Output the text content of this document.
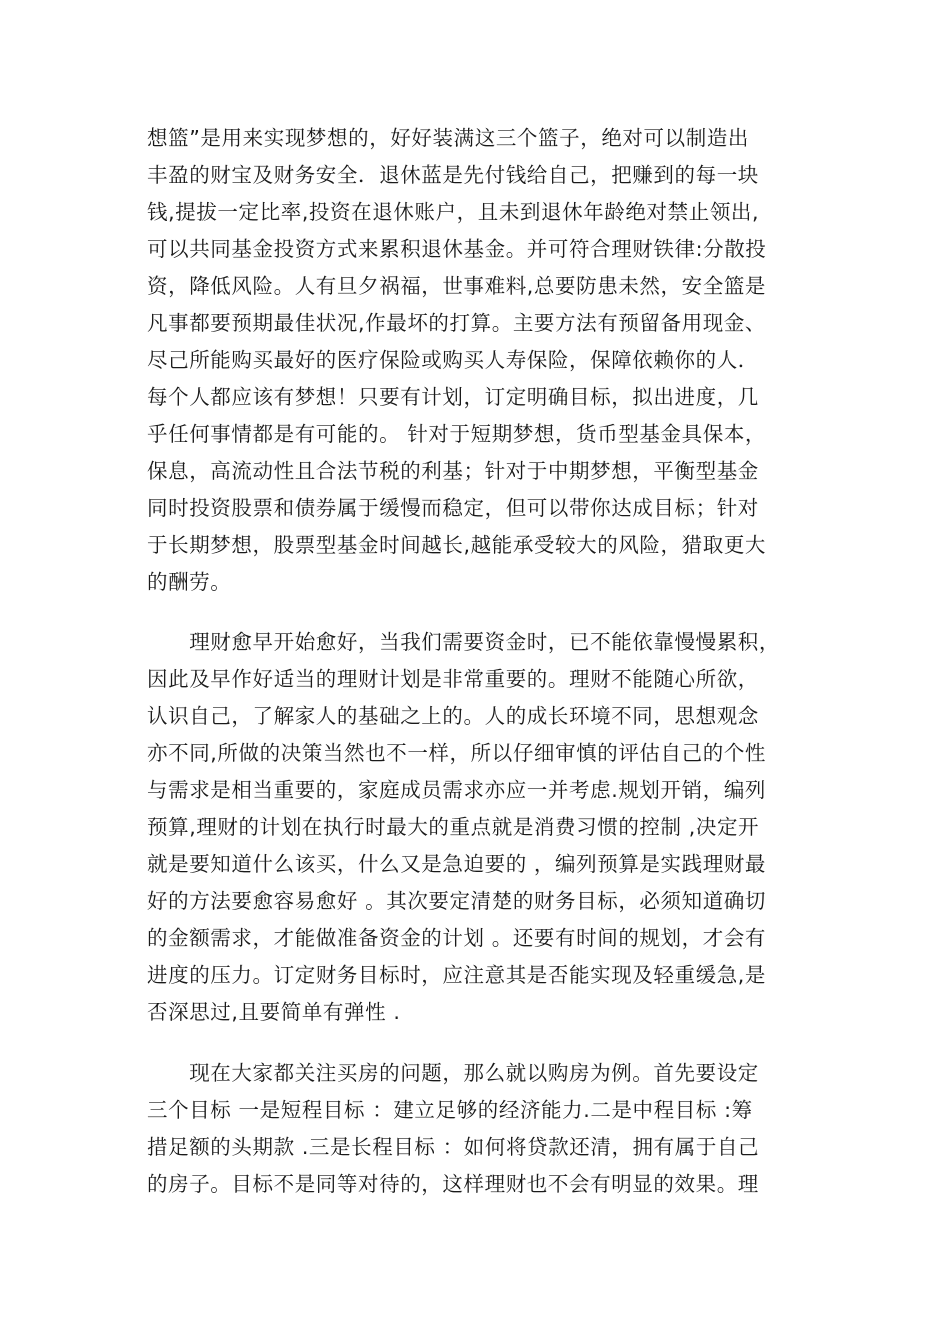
想篮”是用来实现梦想的，好好装满这三个篮子，绝对可以制造出
丰盈的财宝及财务安全．退休蓝是先付钱给自己，把赚到的每一块
钱,提拔一定比率,投资在退休账户，且未到退休年龄绝对禁止领出,
可以共同基金投资方式来累积退休基金。并可符合理财铁律:分散投
资，降低风险。人有旦夕祸福，世事难料,总要防患未然，安全篮是
凡事都要预期最佳状况,作最坏的打算。主要方法有预留备用现金、
尽己所能购买最好的医疗保险或购买人寿保险，保障依赖你的人．
每个人都应该有梦想！只要有计划，订定明确目标，拟出进度，几
乎任何事情都是有可能的。 针对于短期梦想，货币型基金具保本，
保息，高流动性且合法节税的利基；针对于中期梦想，平衡型基金
同时投资股票和债券属于缓慢而稳定，但可以带你达成目标；针对
于长期梦想，股票型基金时间越长,越能承受较大的风险，猎取更大
的酬劳。
　　理财愈早开始愈好，当我们需要资金时，已不能依靠慢慢累积，
因此及早作好适当的理财计划是非常重要的。理财不能随心所欲，
认识自己，了解家人的基础之上的。人的成长环境不同，思想观念
亦不同,所做的决策当然也不一样，所以仔细审慎的评估自己的个性
与需求是相当重要的，家庭成员需求亦应一并考虑.规划开销，编列
预算,理财的计划在执行时最大的重点就是消费习惯的控制 ,决定开
就是要知道什么该买，什么又是急迫要的 ，编列预算是实践理财最
好的方法要愈容易愈好 。其次要定清楚的财务目标，必须知道确切
的金额需求，才能做准备资金的计划 。还要有时间的规划，才会有
进度的压力。订定财务目标时，应注意其是否能实现及轻重缓急,是
否深思过,且要简单有弹性 .
　　现在大家都关注买房的问题，那么就以购房为例。首先要设定
三个目标 一是短程目标 ：建立足够的经济能力.二是中程目标 :筹
措足额的头期款 .三是长程目标 ：如何将贷款还清，拥有属于自己
的房子。目标不是同等对待的，这样理财也不会有明显的效果。理
